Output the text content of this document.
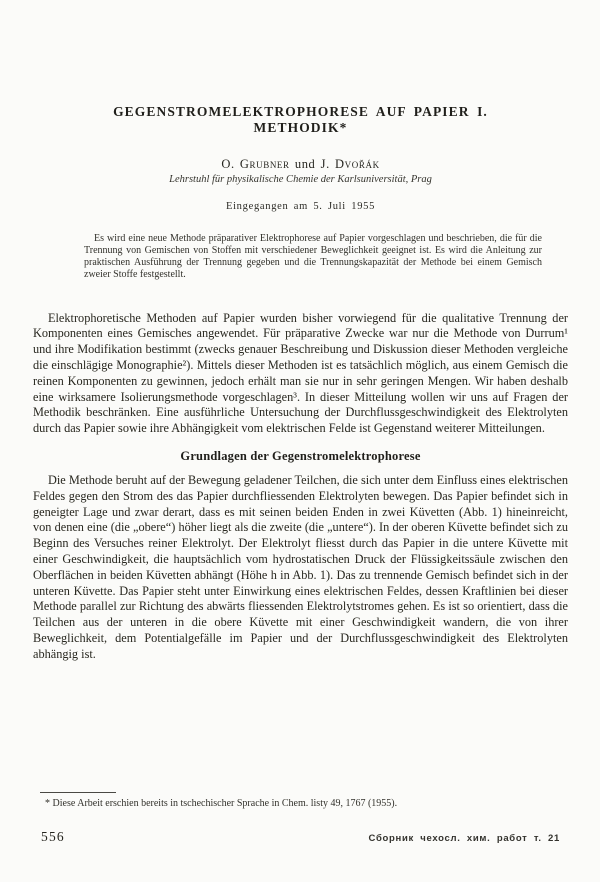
GEGENSTROMELEKTROPHORESE AUF PAPIER I.
METHODIK*
O. Grubner und J. Dvořák
Lehrstuhl für physikalische Chemie der Karlsuniversität, Prag
Eingegangen am 5. Juli 1955

Es wird eine neue Methode präparativer Elektrophorese auf Papier vorgeschlagen und beschrieben, die für die Trennung von Gemischen von Stoffen mit verschiedener Beweglichkeit geeignet ist. Es wird die Anleitung zur praktischen Ausführung der Trennung gegeben und die Trennungskapazität der Methode bei einem Gemisch zweier Stoffe festgestellt.

Elektrophoretische Methoden auf Papier wurden bisher vorwiegend für die qualitative Trennung der Komponenten eines Gemisches angewendet. Für präparative Zwecke war nur die Methode von Durrum¹ und ihre Modifikation bestimmt (zwecks genauer Beschreibung und Diskussion dieser Methoden vergleiche die einschlägige Monographie²). Mittels dieser Methoden ist es tatsächlich möglich, aus einem Gemisch die reinen Komponenten zu gewinnen, jedoch erhält man sie nur in sehr geringen Mengen. Wir haben deshalb eine wirksamere Isolierungsmethode vorgeschlagen³. In dieser Mitteilung wollen wir uns auf Fragen der Methodik beschränken. Eine ausführliche Untersuchung der Durchflussgeschwindigkeit des Elektrolyten durch das Papier sowie ihre Abhängigkeit vom elektrischen Felde ist Gegenstand weiterer Mitteilungen.

Grundlagen der Gegenstromelektrophorese

Die Methode beruht auf der Bewegung geladener Teilchen, die sich unter dem Einfluss eines elektrischen Feldes gegen den Strom des das Papier durchfliessenden Elektrolyten bewegen. Das Papier befindet sich in geneigter Lage und zwar derart, dass es mit seinen beiden Enden in zwei Küvetten (Abb. 1) hineinreicht, von denen eine (die „obere“) höher liegt als die zweite (die „untere“). In der oberen Küvette befindet sich zu Beginn des Versuches reiner Elektrolyt. Der Elektrolyt fliesst durch das Papier in die untere Küvette mit einer Geschwindigkeit, die hauptsächlich vom hydrostatischen Druck der Flüssigkeitssäule zwischen den Oberflächen in beiden Küvetten abhängt (Höhe h in Abb. 1). Das zu trennende Gemisch befindet sich in der unteren Küvette. Das Papier steht unter Einwirkung eines elektrischen Feldes, dessen Kraftlinien bei dieser Methode parallel zur Richtung des abwärts fliessenden Elektrolytstromes gehen. Es ist so orientiert, dass die Teilchen aus der unteren in die obere Küvette mit einer Geschwindigkeit wandern, die von ihrer Beweglichkeit, dem Potentialgefälle im Papier und der Durchflussgeschwindigkeit des Elektrolyten abhängig ist.

* Diese Arbeit erschien bereits in tschechischer Sprache in Chem. listy 49, 1767 (1955).
556	Сборник чехосл. хим. работ т. 21
